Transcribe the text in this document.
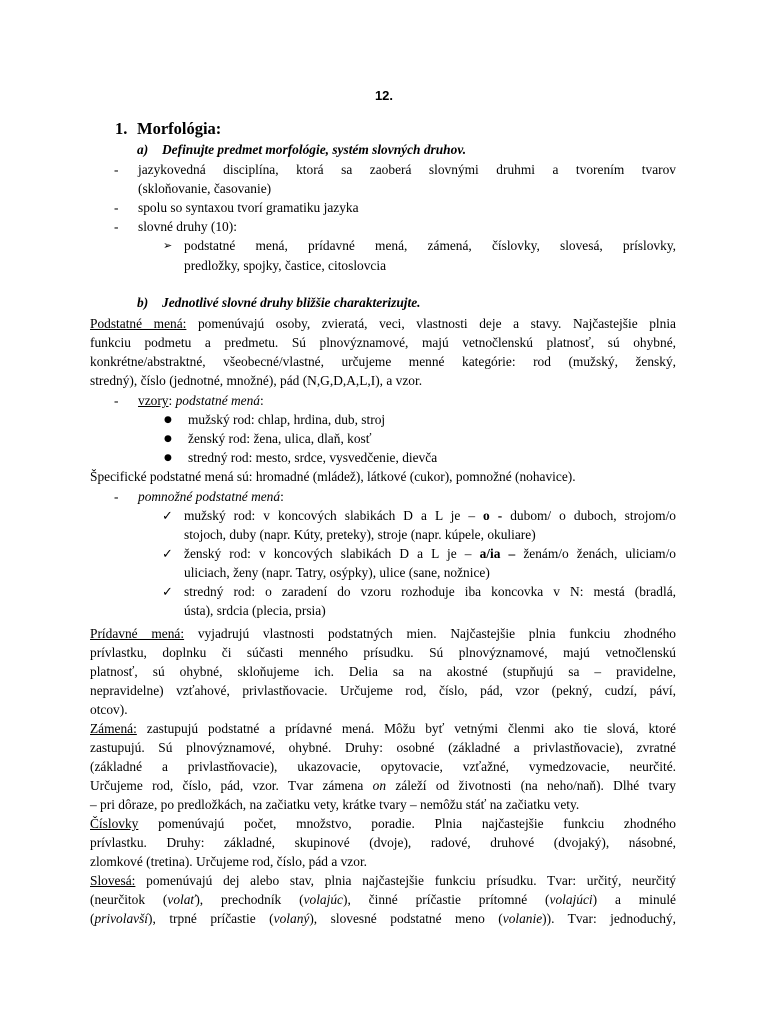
12.
1. Morfológia:
a) Definujte predmet morfológie, systém slovných druhov.
- jazykovedná disciplína, ktorá sa zaoberá slovnými druhmi a tvorením tvarov
(skloňovanie, časovanie)
- spolu so syntaxou tvorí gramatiku jazyka
- slovné druhy (10):
➢ podstatné mená, prídavné mená, zámená, číslovky, slovesá, príslovky,
predložky, spojky, častice, citoslovcia
b) Jednotlivé slovné druhy bližšie charakterizujte.
Podstatné mená: pomenúvajú osoby, zvieratá, veci, vlastnosti deje a stavy. Najčastejšie plnia
funkciu podmetu a predmetu. Sú plnovýznamové, majú vetnočlenskú platnosť, sú ohybné,
konkrétne/abstraktné, všeobecné/vlastné, určujeme menné kategórie: rod (mužský, ženský,
stredný), číslo (jednotné, množné), pád (N,G,D,A,L,I), a vzor.
- vzory: podstatné mená:
● mužský rod: chlap, hrdina, dub, stroj
● ženský rod: žena, ulica, dlaň, kosť
● stredný rod: mesto, srdce, vysvedčenie, dievča
Špecifické podstatné mená sú: hromadné (mládež), látkové (cukor), pomnožné (nohavice).
- pomnožné podstatné mená:
✓ mužský rod: v koncových slabikách D a L je – o - dubom/ o duboch, strojom/o
stojoch, duby (napr. Kúty, preteky), stroje (napr. kúpele, okuliare)
✓ ženský rod: v koncových slabikách D a L je – a/ia – ženám/o ženách, uliciam/o
uliciach, ženy (napr. Tatry, osýpky), ulice (sane, nožnice)
✓ stredný rod: o zaradení do vzoru rozhoduje iba koncovka v N: mestá (bradlá,
ústa), srdcia (plecia, prsia)
Prídavné mená: vyjadrujú vlastnosti podstatných mien. Najčastejšie plnia funkciu zhodného
prívlastku, doplnku či súčasti menného prísudku. Sú plnovýznamové, majú vetnočlenskú
platnosť, sú ohybné, skloňujeme ich. Delia sa na akostné (stupňujú sa – pravidelne,
nepravidelne) vzťahové, privlastňovacie. Určujeme rod, číslo, pád, vzor (pekný, cudzí, páví,
otcov).
Zámená: zastupujú podstatné a prídavné mená. Môžu byť vetnými členmi ako tie slová, ktoré
zastupujú. Sú plnovýznamové, ohybné. Druhy: osobné (základné a privlastňovacie), zvratné
(základné a privlastňovacie), ukazovacie, opytovacie, vzťažné, vymedzovacie, neurčité.
Určujeme rod, číslo, pád, vzor. Tvar zámena on záleží od životnosti (na neho/naň). Dlhé tvary
– pri dôraze, po predložkách, na začiatku vety, krátke tvary – nemôžu stáť na začiatku vety.
Číslovky pomenúvajú počet, množstvo, poradie. Plnia najčastejšie funkciu zhodného
prívlastku. Druhy: základné, skupinové (dvoje), radové, druhové (dvojaký), násobné,
zlomkové (tretina). Určujeme rod, číslo, pád a vzor.
Slovesá: pomenúvajú dej alebo stav, plnia najčastejšie funkciu prísudku. Tvar: určitý, neurčitý
(neurčitok (volať), prechodník (volajúc), činné príčastie prítomné (volajúci) a minulé
(privolavší), trpné príčastie (volaný), slovesné podstatné meno (volanie)). Tvar: jednoduchý,
